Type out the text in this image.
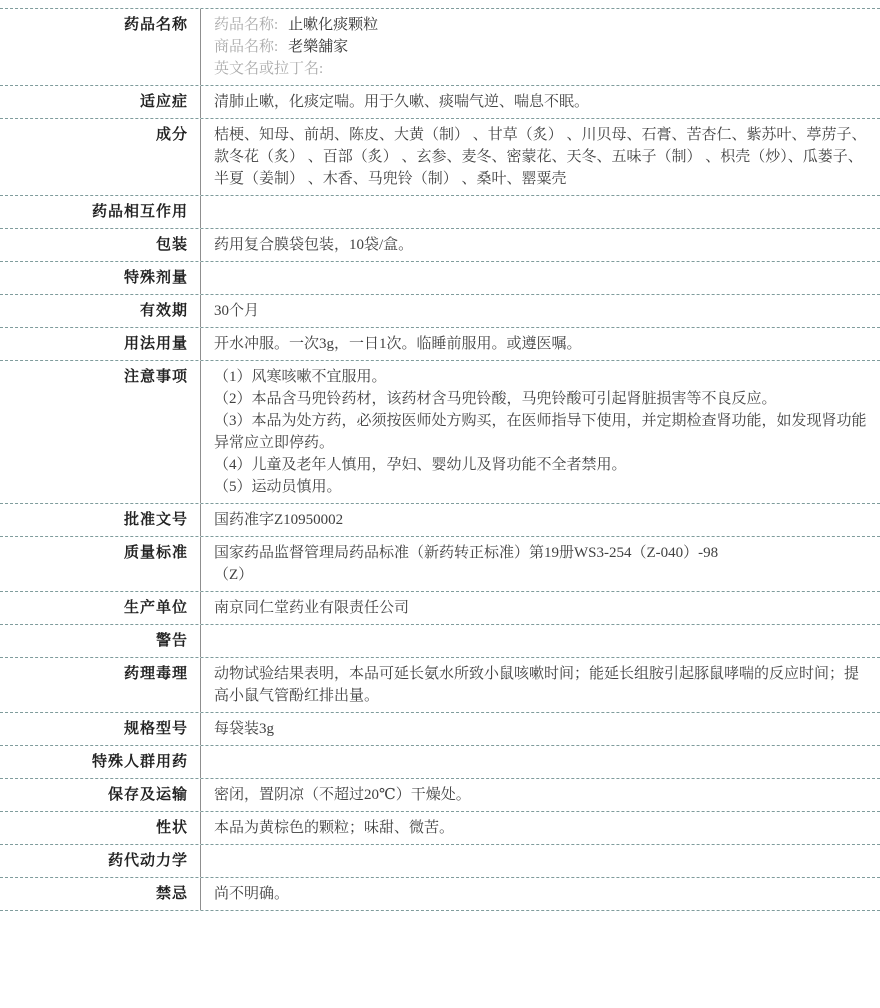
药品名称	药品名称: 止嗽化痰颗粒
商品名称: 老樂舖家
英文名或拉丁名:
适应症	清肺止嗽，化痰定喘。用于久嗽、痰喘气逆、喘息不眠。
成分	桔梗、知母、前胡、陈皮、大黄（制） 、甘草（炙） 、川贝母、石膏、苦杏仁、紫苏叶、葶苈子、款冬花（炙） 、百部（炙） 、玄参、麦冬、密蒙花、天冬、五味子（制） 、枳壳（炒）、瓜蒌子、半夏（姜制） 、木香、马兜铃（制） 、桑叶、罂粟壳
药品相互作用
包装	药用复合膜袋包装，10袋/盒。
特殊剂量
有效期	30个月
用法用量	开水冲服。一次3g，一日1次。临睡前服用。或遵医嘱。
注意事项	（1）风寒咳嗽不宜服用。
（2）本品含马兜铃药材，该药材含马兜铃酸，马兜铃酸可引起肾脏损害等不良反应。
（3）本品为处方药，必须按医师处方购买，在医师指导下使用，并定期检查肾功能，如发现肾功能异常应立即停药。
（4）儿童及老年人慎用，孕妇、婴幼儿及肾功能不全者禁用。
（5）运动员慎用。
批准文号	国药准字Z10950002
质量标准	国家药品监督管理局药品标准（新药转正标准）第19册WS3-254（Z-040）-98
（Z）
生产单位	南京同仁堂药业有限责任公司
警告
药理毒理	动物试验结果表明，本品可延长氨水所致小鼠咳嗽时间；能延长组胺引起豚鼠哮喘的反应时间；提高小鼠气管酚红排出量。
规格型号	每袋装3g
特殊人群用药
保存及运输	密闭，置阴凉（不超过20℃）干燥处。
性状	本品为黄棕色的颗粒；味甜、微苦。
药代动力学
禁忌	尚不明确。
